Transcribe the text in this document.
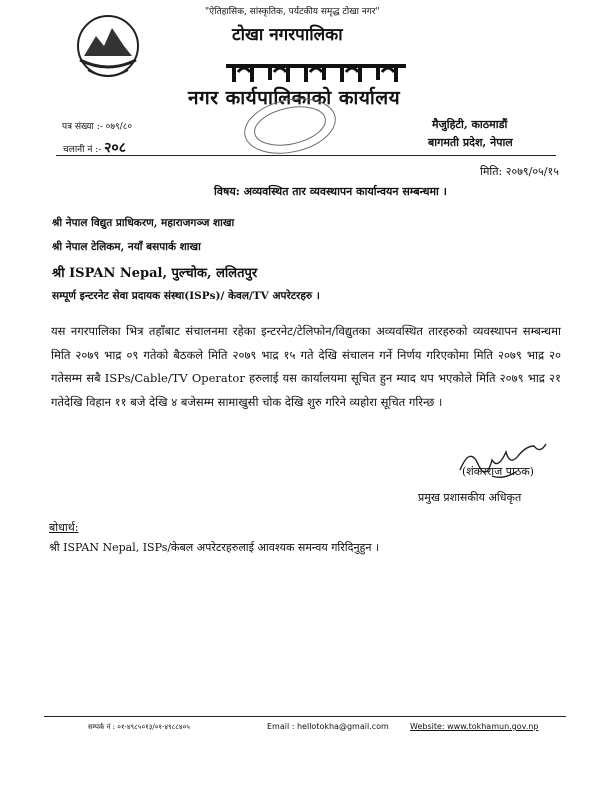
"ऐतिहासिक, सांस्कृतिक, पर्यटकीय समृद्ध टोखा नगर"
टोखा नगरपालिका
नगर कार्यपालिकाको कार्यालय
पत्र संख्या :- ०७९/८०
चलानी नं :- २०८
मैजुहिटी, काठमाडौं
बागमती प्रदेश, नेपाल
मिति: २०७९/०५/१५
विषय: अव्यवस्थित तार व्यवस्थापन कार्यान्वयन सम्बन्धमा ।
श्री नेपाल विद्युत प्राधिकरण, महाराजगञ्ज शाखा
श्री नेपाल टेलिकम, नयाँ बसपार्क शाखा
श्री ISPAN Nepal, पुल्चोक, ललितपुर
सम्पूर्ण इन्टरनेट सेवा प्रदायक संस्था(ISPs)/ केवल/TV अपरेटरहरु ।
यस नगरपालिका भित्र तहाँबाट संचालनमा रहेका इन्टरनेट/टेलिफोन/विद्युतका अव्यवस्थित तारहरुको व्यवस्थापन सम्बन्धमा मिति २०७९ भाद्र ०९ गतेको बैठकले मिति २०७९ भाद्र १५ गते देखि संचालन गर्ने निर्णय गरिएकोमा मिति २०७९ भाद्र २० गतेसम्म सबै ISPs/Cable/TV Operator हरुलाई यस कार्यालयमा सूचित हुन म्याद थप भएकोले मिति २०७९ भाद्र २१ गतेदेखि विहान ११ बजे देखि ४ बजेसम्म सामाखुसी चोक देखि शुरु गरिने व्यहोरा सूचित गरिन्छ ।
(शंकरराज पाठक)
प्रमुख प्रशासकीय अधिकृत
बोधार्थ:
श्री ISPAN Nepal, ISPs/केबल अपरेटरहरुलाई आवश्यक समन्वय गरिदिनुहुन ।
सम्पर्क नं : ०१-४९८५०१३/०१-४९८८४०५	Email : hellotokha@gmail.com	Website: www.tokhamun.gov.np
